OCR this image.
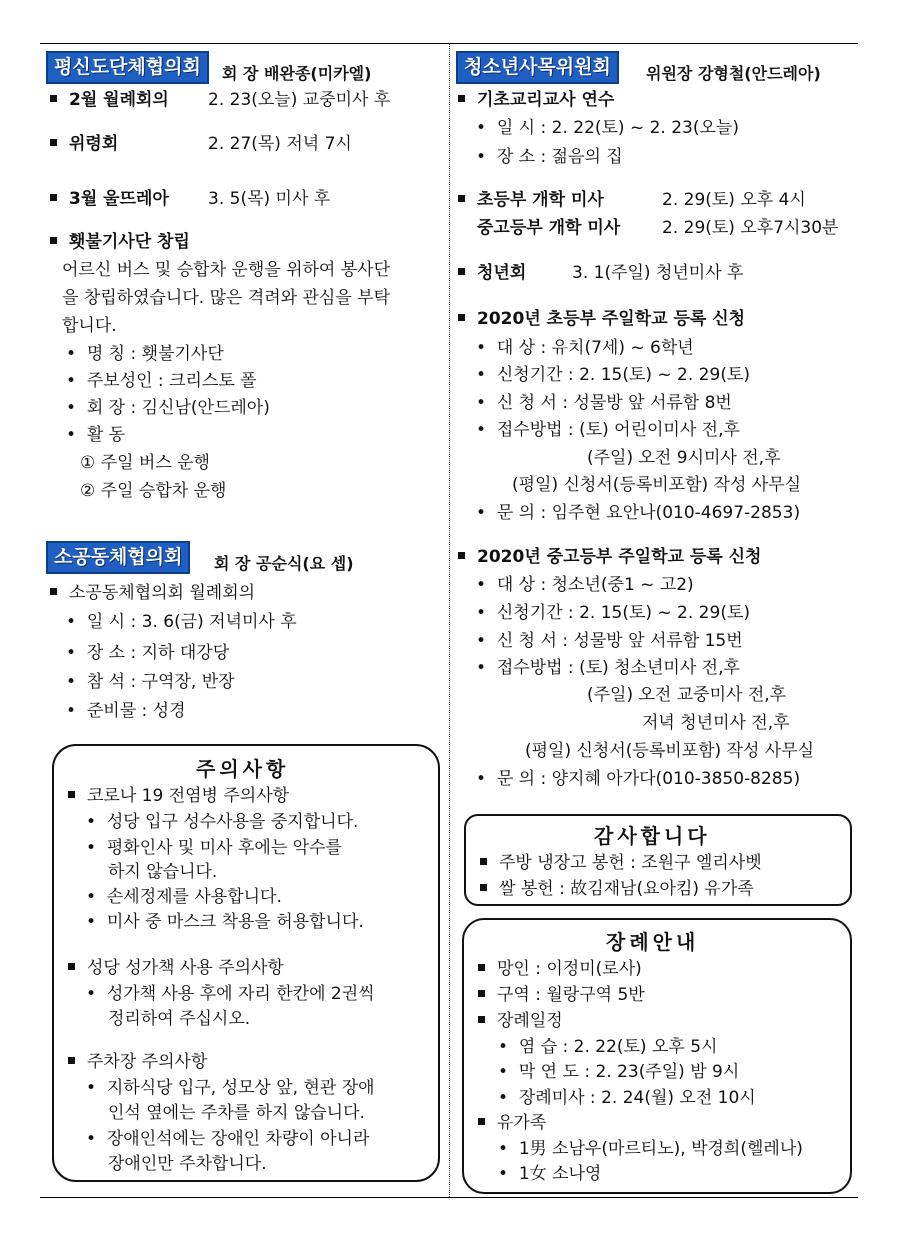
평신도단체협의회	회 장 배완종(미카엘)
2월 월례회의 2. 23(오늘) 교중미사 후
위령회	2. 27(목) 저녁 7시
3월 울뜨레아 3. 5(목) 미사 후
횃불기사단 창립
어르신 버스 및 승합차 운행을 위하여 봉사단
을 창립하였습니다. 많은 격려와 관심을 부탁
합니다.
•  명 칭 : 횃불기사단
•  주보성인 : 크리스토 폴
•  회 장 : 김신남(안드레아)
•  활 동
① 주일 버스 운행
② 주일 승합차 운행
소공동체협의회	회 장 공순식(요 셉)
소공동체협의회 월례회의
•  일 시 : 3. 6(금) 저녁미사 후
•  장 소 : 지하 대강당
•  참 석 : 구역장, 반장
•  준비물 : 성경
주의사항
코로나 19 전염병 주의사항
•  성당 입구 성수사용을 중지합니다.
•  평화인사 및 미사 후에는 악수를
하지 않습니다.
•  손세정제를 사용합니다.
•  미사 중 마스크 착용을 허용합니다.
성당 성가책 사용 주의사항
•  성가책 사용 후에 자리 한칸에 2권씩
정리하여 주십시오.
주차장 주의사항
•  지하식당 입구, 성모상 앞, 현관 장애
인석 옆에는 주차를 하지 않습니다.
•  장애인석에는 장애인 차량이 아니라
장애인만 주차합니다.
청소년사목위원회	위원장 강형철(안드레아)
기초교리교사 연수
•  일 시 : 2. 22(토) ~ 2. 23(오늘)
•  장 소 : 젊음의 집
초등부 개학 미사	2. 29(토) 오후 4시
중고등부 개학 미사 2. 29(토) 오후7시30분
청년회	3. 1(주일) 청년미사 후
2020년 초등부 주일학교 등록 신청
•  대 상 : 유치(7세) ~ 6학년
•  신청기간 : 2. 15(토) ~ 2. 29(토)
•  신 청 서 : 성물방 앞 서류함 8번
•  접수방법 : (토) 어린이미사 전,후
(주일) 오전 9시미사 전,후
(평일) 신청서(등록비포함) 작성 사무실
•  문 의 : 임주현 요안나(010-4697-2853)
2020년 중고등부 주일학교 등록 신청
•  대 상 : 청소년(중1 ~ 고2)
•  신청기간 : 2. 15(토) ~ 2. 29(토)
•  신 청 서 : 성물방 앞 서류함 15번
•  접수방법 : (토) 청소년미사 전,후
(주일) 오전 교중미사 전,후
저녁 청년미사 전,후
(평일) 신청서(등록비포함) 작성 사무실
•  문 의 : 양지혜 아가다(010-3850-8285)
감사합니다
주방 냉장고 봉헌 : 조원구 엘리사벳
쌀 봉헌 : 故김재남(요아킴) 유가족
장례안내
망인 : 이정미(로사)
구역 : 월랑구역 5반
장례일정
•  염 습 : 2. 22(토) 오후 5시
•  막 연 도 : 2. 23(주일) 밤 9시
•  장례미사 : 2. 24(월) 오전 10시
유가족
•  1男 소남우(마르티노), 박경희(헬레나)
•  1女 소나영
